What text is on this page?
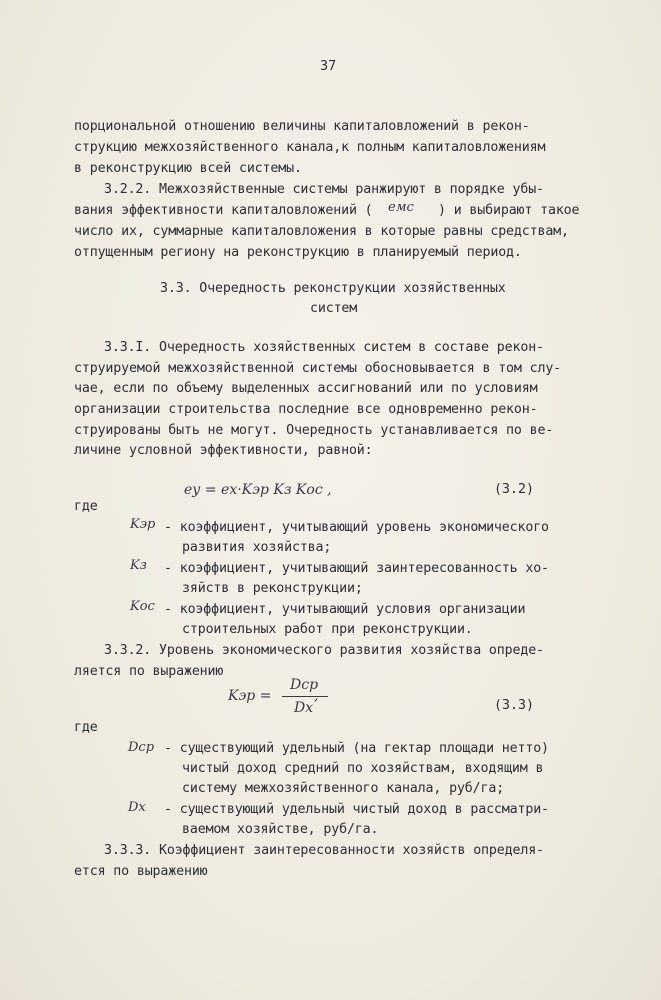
37
порциональной отношению величины капиталовложений в рекон-
струкцию межхозяйственного канала,к полным капиталовложениям
в реконструкцию всей системы.
3.2.2. Межхозяйственные системы ранжируют в порядке убы-
вания эффективности капиталовложений ( eмс ) и выбирают такое
число их, суммарные капиталовложения в которые равны средствам,
отпущенным региону на реконструкцию в планируемый период.
3.3. Очередность реконструкции хозяйственных
систем
3.3.I. Очередность хозяйственных систем в составе рекон-
струируемой межхозяйственной системы обосновывается в том слу-
чае, если по объему выделенных ассигнований или по условиям
организации строительства последние все одновременно рекон-
струированы быть не могут. Очередность устанавливается по ве-
личине условной эффективности, равной:
eу = eх·Kэр Kз Kос ,	(3.2)
где
Kэр - коэффициент, учитывающий уровень экономического
развития хозяйства;
Kз - коэффициент, учитывающий заинтересованность хо-
зяйств в реконструкции;
Kос - коэффициент, учитывающий условия организации
строительных работ при реконструкции.
3.3.2. Уровень экономического развития хозяйства опреде-
ляется по выражению
Kэр =
Dср
Dх
,
(3.3)
где
Dср - существующий удельный (на гектар площади нетто)
чистый доход средний по хозяйствам, входящим в
систему межхозяйственного канала, руб/га;
Dх - существующий удельный чистый доход в рассматри-
ваемом хозяйстве, руб/га.
3.3.3. Коэффициент заинтересованности хозяйств определя-
ется по выражению
